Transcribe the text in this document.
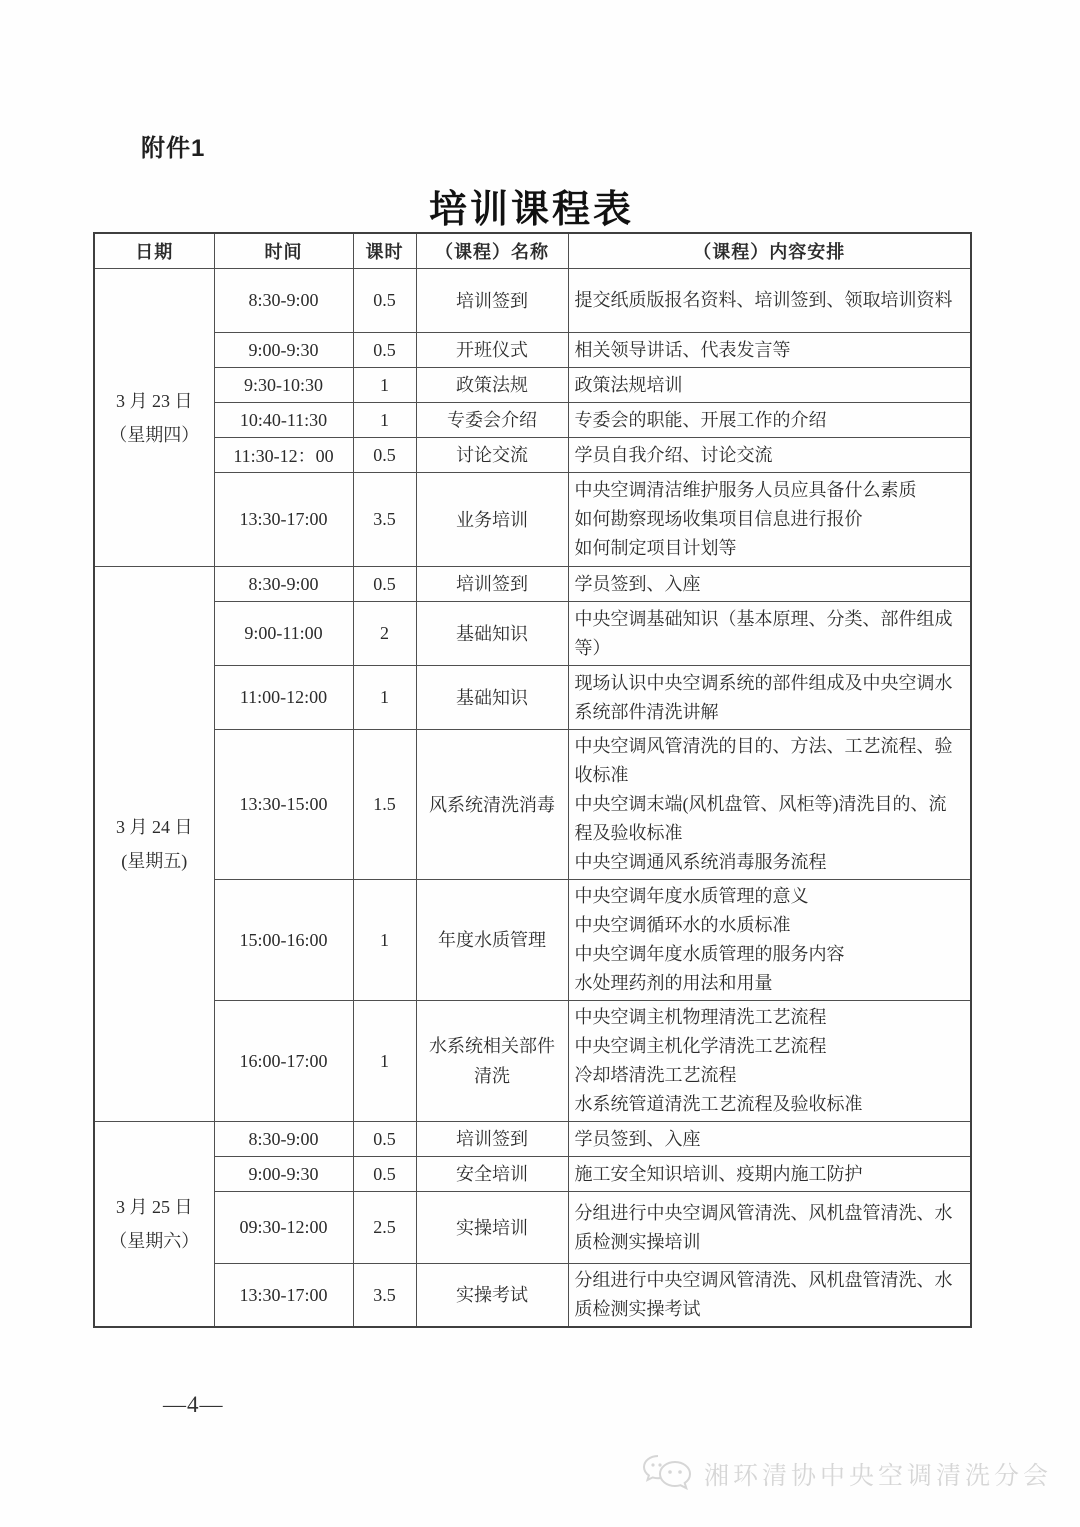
附件1
培训课程表
日期	时间	课时	（课程）名称	（课程）内容安排

3 月 23 日
（星期四）	8:30-9:00	0.5	培训签到	提交纸质版报名资料、培训签到、领取培训资料

	9:00-9:30	0.5	开班仪式	相关领导讲话、代表发言等

	9:30-10:30	1	政策法规	政策法规培训

	10:40-11:30	1	专委会介绍	专委会的职能、开展工作的介绍

	11:30-12：00	0.5	讨论交流	学员自我介绍、讨论交流

	13:30-17:00	3.5	业务培训	中央空调清洁维护服务人员应具备什么素质
如何勘察现场收集项目信息进行报价
如何制定项目计划等

3 月 24 日
(星期五)	8:30-9:00	0.5	培训签到	学员签到、入座

	9:00-11:00	2	基础知识	中央空调基础知识（基本原理、分类、部件组成等）

	11:00-12:00	1	基础知识	现场认识中央空调系统的部件组成及中央空调水系统部件清洗讲解

	13:30-15:00	1.5	风系统清洗消毒	中央空调风管清洗的目的、方法、工艺流程、验收标准
中央空调末端(风机盘管、风柜等)清洗目的、流程及验收标准
中央空调通风系统消毒服务流程

	15:00-16:00	1	年度水质管理	中央空调年度水质管理的意义
中央空调循环水的水质标准
中央空调年度水质管理的服务内容
水处理药剂的用法和用量

	16:00-17:00	1	水系统相关部件清洗	中央空调主机物理清洗工艺流程
中央空调主机化学清洗工艺流程
冷却塔清洗工艺流程
水系统管道清洗工艺流程及验收标准

3 月 25 日
（星期六）	8:30-9:00	0.5	培训签到	学员签到、入座

	9:00-9:30	0.5	安全培训	施工安全知识培训、疫期内施工防护

	09:30-12:00	2.5	实操培训	分组进行中央空调风管清洗、风机盘管清洗、水质检测实操培训

	13:30-17:00	3.5	实操考试	分组进行中央空调风管清洗、风机盘管清洗、水质检测实操考试
—4—
湘环清协中央空调清洗分会
